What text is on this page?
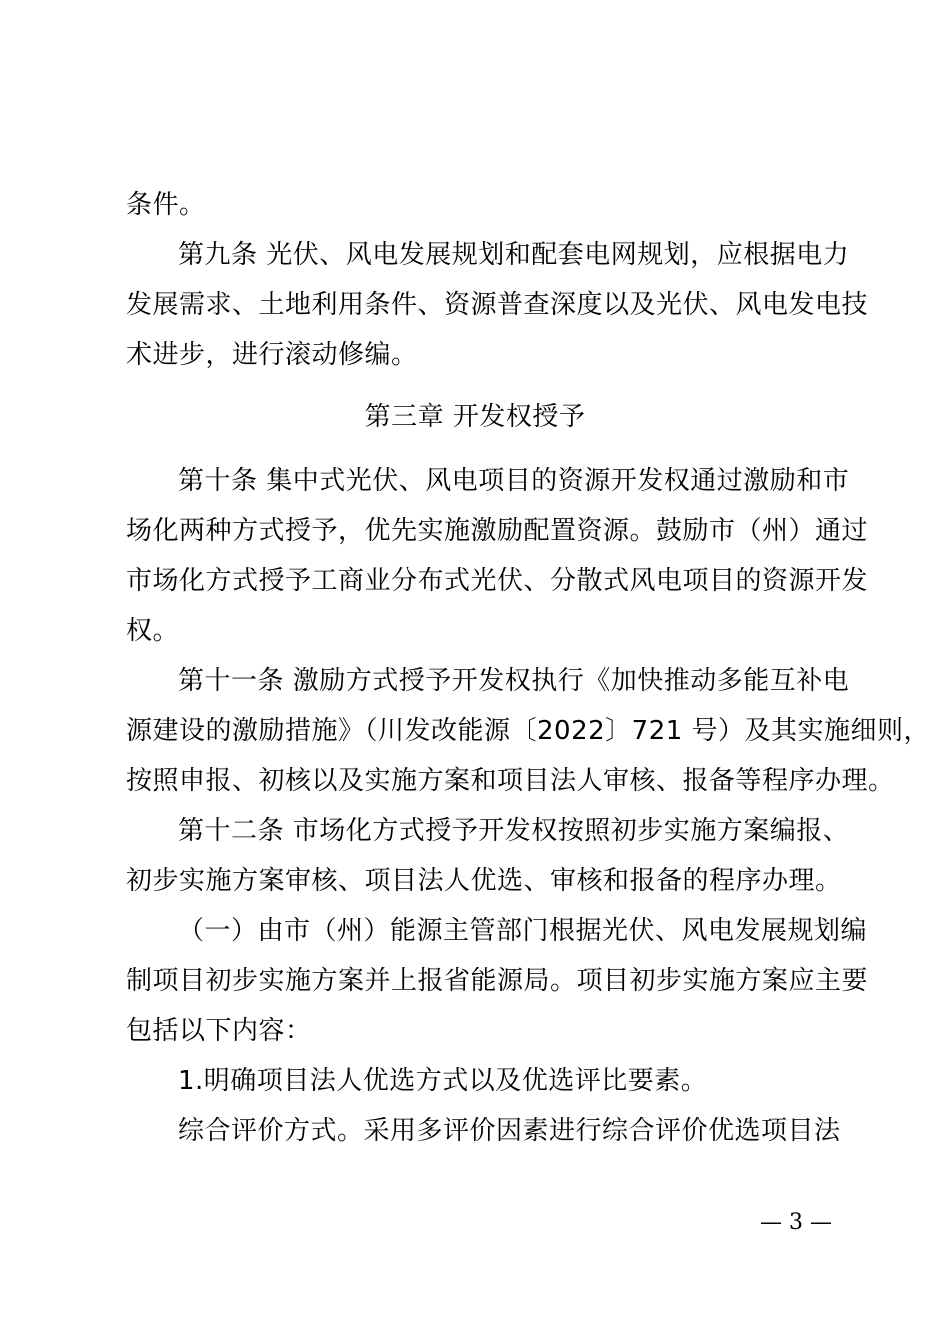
条件。
第九条 光伏、风电发展规划和配套电网规划，应根据电力
发展需求、土地利用条件、资源普查深度以及光伏、风电发电技
术进步，进行滚动修编。
第三章 开发权授予
第十条 集中式光伏、风电项目的资源开发权通过激励和市
场化两种方式授予，优先实施激励配置资源。鼓励市（州）通过
市场化方式授予工商业分布式光伏、分散式风电项目的资源开发
权。
第十一条 激励方式授予开发权执行《加快推动多能互补电
源建设的激励措施》（川发改能源〔2022〕721 号）及其实施细则，
按照申报、初核以及实施方案和项目法人审核、报备等程序办理。
第十二条 市场化方式授予开发权按照初步实施方案编报、
初步实施方案审核、项目法人优选、审核和报备的程序办理。
（一）由市（州）能源主管部门根据光伏、风电发展规划编
制项目初步实施方案并上报省能源局。项目初步实施方案应主要
包括以下内容：
1.明确项目法人优选方式以及优选评比要素。
综合评价方式。采用多评价因素进行综合评价优选项目法
— 3 —
